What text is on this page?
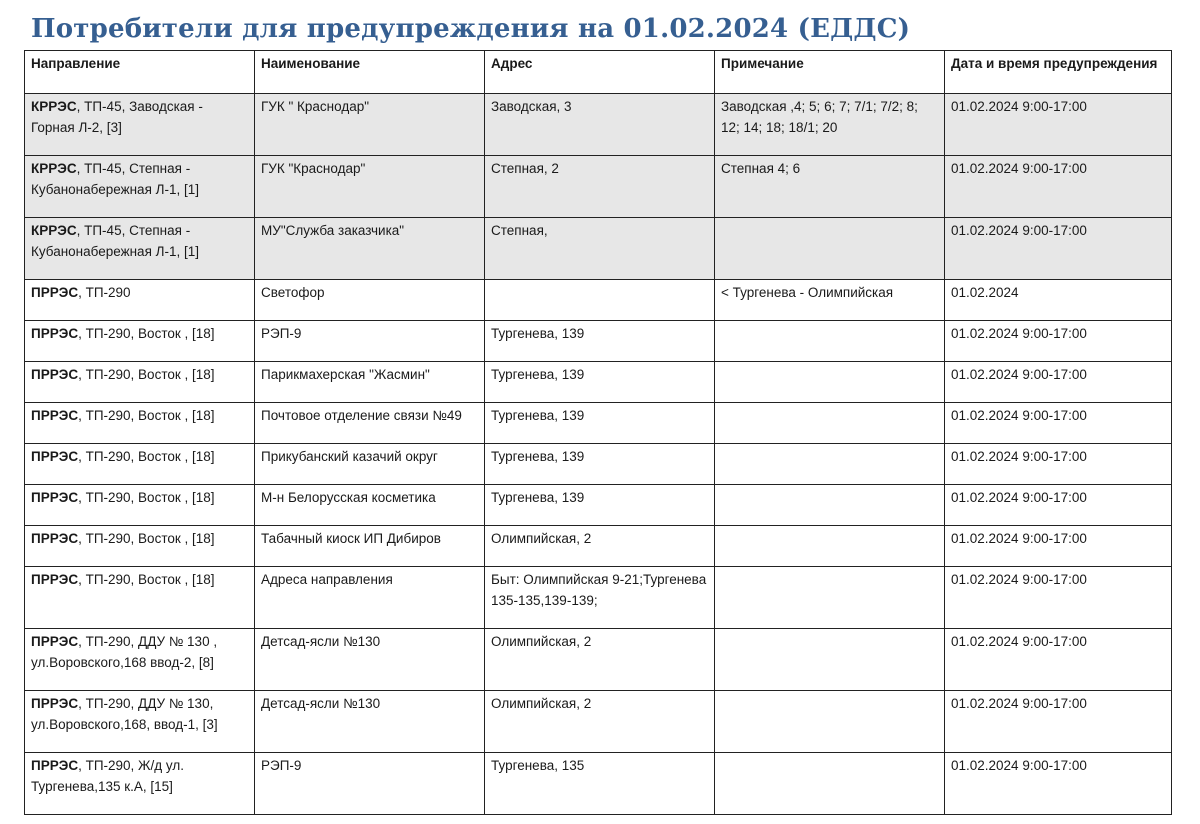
Потребители для предупреждения на 01.02.2024 (ЕДДС)
Направление	Наименование	Адрес	Примечание	Дата и время предупреждения
КРРЭС, ТП-45, Заводская - Горная Л-2, [3]	ГУК " Краснодар"	Заводская, 3	Заводская ,4; 5; 6; 7; 7/1; 7/2; 8; 12; 14; 18; 18/1; 20	01.02.2024 9:00-17:00
КРРЭС, ТП-45, Степная - Кубанонабережная Л-1, [1]	ГУК "Краснодар"	Степная, 2	Степная 4; 6	01.02.2024 9:00-17:00
КРРЭС, ТП-45, Степная - Кубанонабережная Л-1, [1]	МУ"Служба заказчика"	Степная,		01.02.2024 9:00-17:00
ПРРЭС, ТП-290	Светофор		< Тургенева - Олимпийская	01.02.2024
ПРРЭС, ТП-290, Восток , [18]	РЭП-9	Тургенева, 139		01.02.2024 9:00-17:00
ПРРЭС, ТП-290, Восток , [18]	Парикмахерская "Жасмин"	Тургенева, 139		01.02.2024 9:00-17:00
ПРРЭС, ТП-290, Восток , [18]	Почтовое отделение связи №49	Тургенева, 139		01.02.2024 9:00-17:00
ПРРЭС, ТП-290, Восток , [18]	Прикубанский казачий округ	Тургенева, 139		01.02.2024 9:00-17:00
ПРРЭС, ТП-290, Восток , [18]	М-н Белорусская косметика	Тургенева, 139		01.02.2024 9:00-17:00
ПРРЭС, ТП-290, Восток , [18]	Табачный киоск ИП Дибиров	Олимпийская, 2		01.02.2024 9:00-17:00
ПРРЭС, ТП-290, Восток , [18]	Адреса направления	Быт: Олимпийская 9-21;Тургенева 135-135,139-139;		01.02.2024 9:00-17:00
ПРРЭС, ТП-290, ДДУ № 130 , ул.Воровского,168 ввод-2, [8]	Детсад-ясли №130	Олимпийская, 2		01.02.2024 9:00-17:00
ПРРЭС, ТП-290, ДДУ № 130, ул.Воровского,168, ввод-1, [3]	Детсад-ясли №130	Олимпийская, 2		01.02.2024 9:00-17:00
ПРРЭС, ТП-290, Ж/д ул. Тургенева,135 к.А, [15]	РЭП-9	Тургенева, 135		01.02.2024 9:00-17:00
